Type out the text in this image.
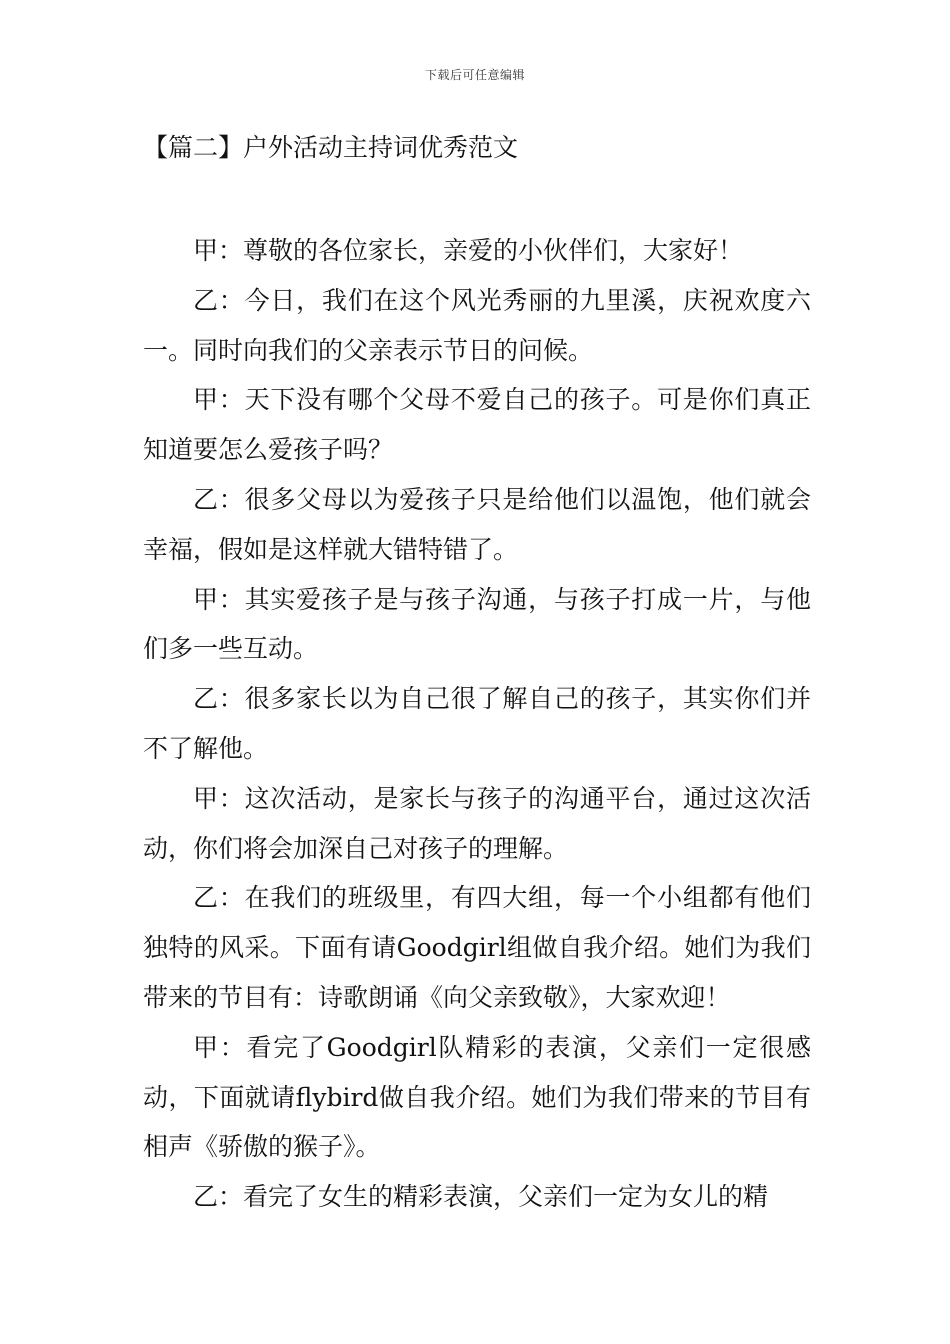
下载后可任意编辑
【篇二】户外活动主持词优秀范文

甲：尊敬的各位家长，亲爱的小伙伴们，大家好！

乙：今日，我们在这个风光秀丽的九里溪，庆祝欢度六一。同时向我们的父亲表示节日的问候。

甲：天下没有哪个父母不爱自己的孩子。可是你们真正知道要怎么爱孩子吗？

乙：很多父母以为爱孩子只是给他们以温饱，他们就会幸福，假如是这样就大错特错了。

甲：其实爱孩子是与孩子沟通，与孩子打成一片，与他们多一些互动。

乙：很多家长以为自己很了解自己的孩子，其实你们并不了解他。

甲：这次活动，是家长与孩子的沟通平台，通过这次活动，你们将会加深自己对孩子的理解。

乙：在我们的班级里，有四大组，每一个小组都有他们独特的风采。下面有请Goodgirl组做自我介绍。她们为我们带来的节目有：诗歌朗诵《向父亲致敬》，大家欢迎！

甲：看完了Goodgirl队精彩的表演，父亲们一定很感动，下面就请flybird做自我介绍。她们为我们带来的节目有相声《骄傲的猴子》。

乙：看完了女生的精彩表演，父亲们一定为女儿的精
